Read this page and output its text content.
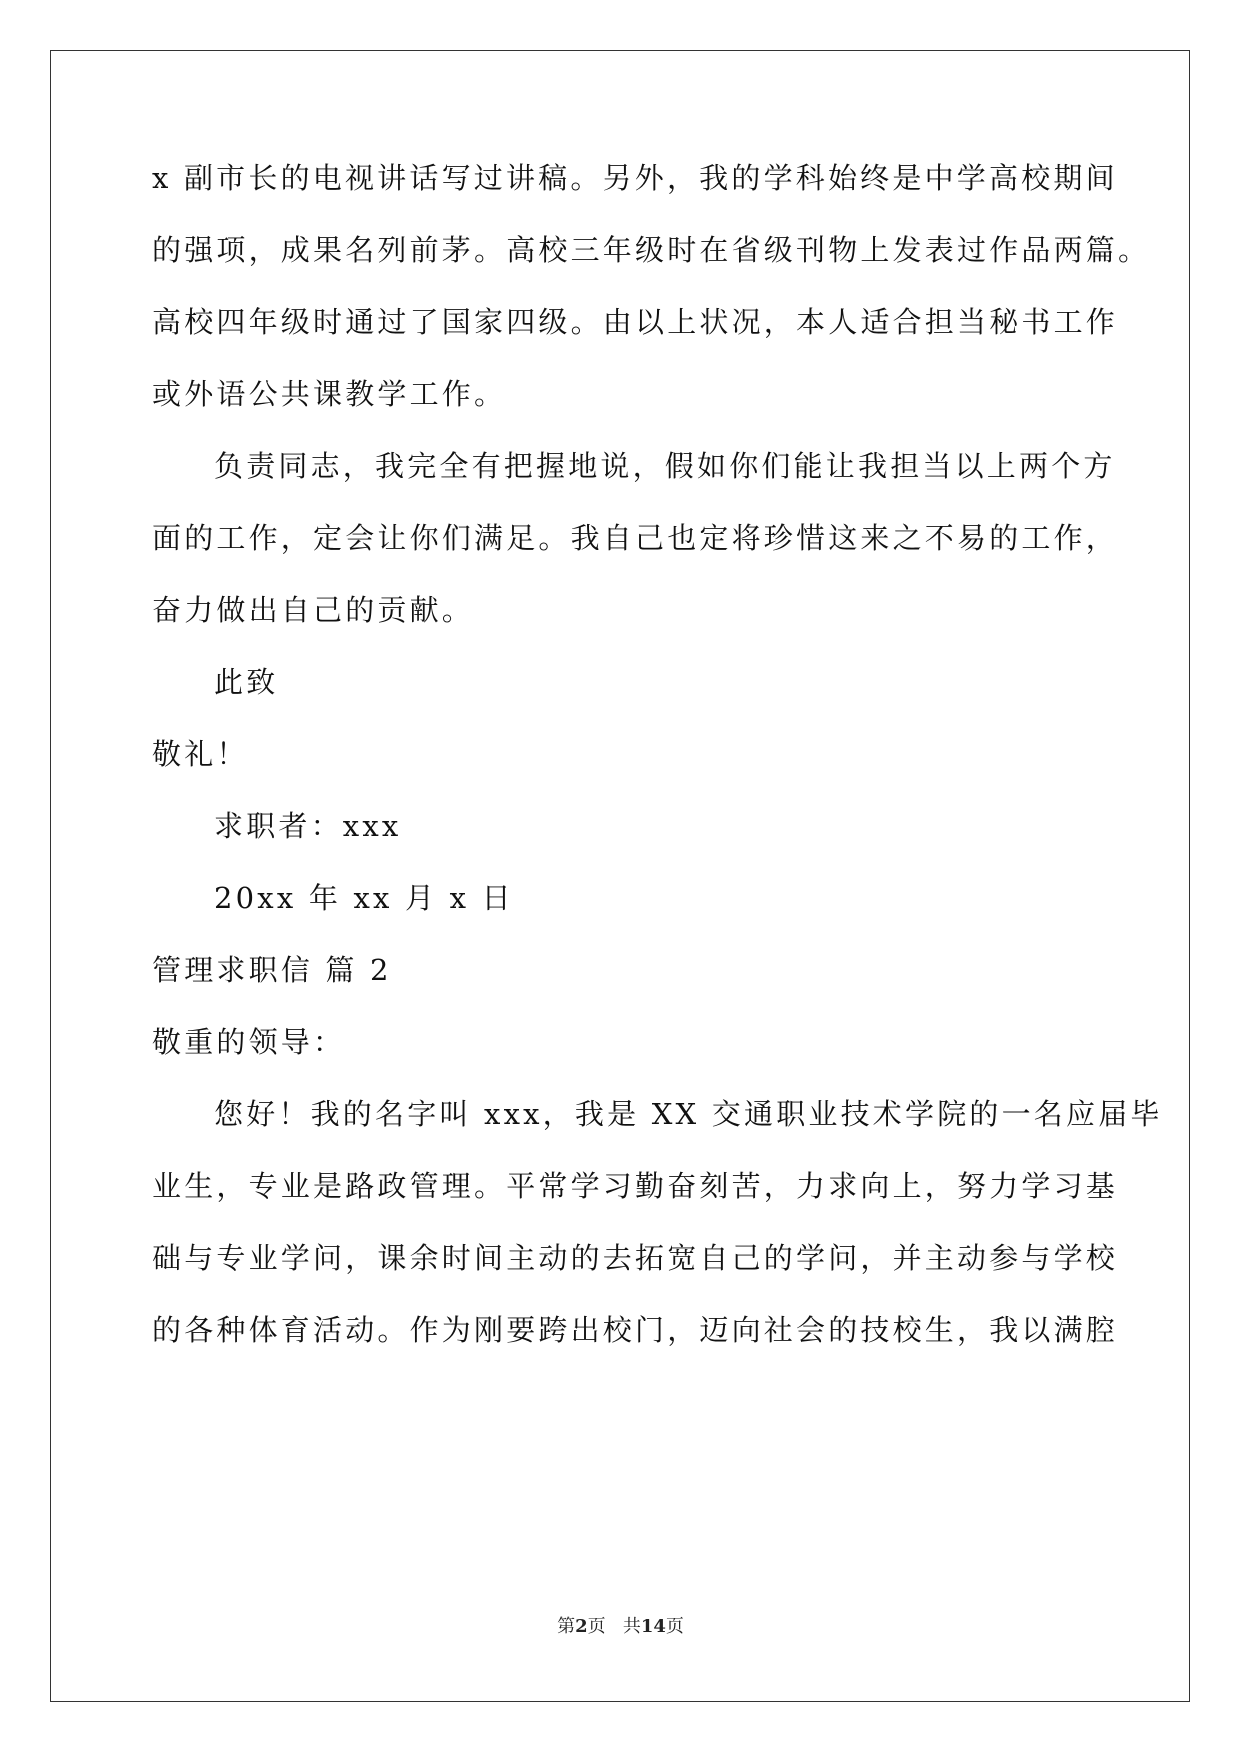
x 副市长的电视讲话写过讲稿。另外，我的学科始终是中学高校期间
的强项，成果名列前茅。高校三年级时在省级刊物上发表过作品两篇。
高校四年级时通过了国家四级。由以上状况，本人适合担当秘书工作
或外语公共课教学工作。
负责同志，我完全有把握地说，假如你们能让我担当以上两个方
面的工作，定会让你们满足。我自己也定将珍惜这来之不易的工作，
奋力做出自己的贡献。
此致
敬礼！
求职者：xxx
20xx 年 xx 月 x 日
管理求职信 篇 2
敬重的领导：
您好！我的名字叫 xxx，我是 XX 交通职业技术学院的一名应届毕
业生，专业是路政管理。平常学习勤奋刻苦，力求向上，努力学习基
础与专业学问，课余时间主动的去拓宽自己的学问，并主动参与学校
的各种体育活动。作为刚要跨出校门，迈向社会的技校生，我以满腔
第2页 共14页
